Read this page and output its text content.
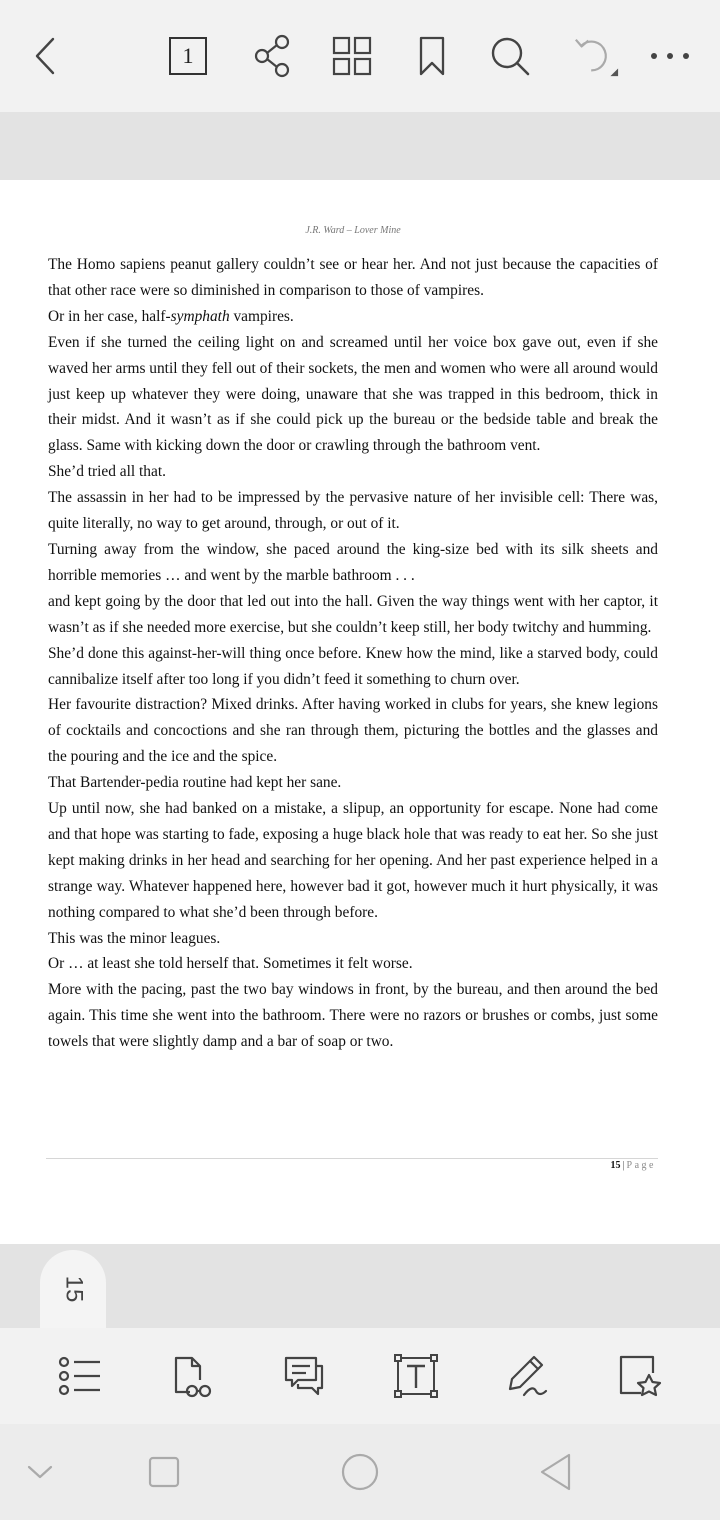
1
J.R. Ward – Lover Mine

The Homo sapiens peanut gallery couldn’t see or hear her. And not just because the capacities of that other race were so diminished in comparison to those of vampires.

Or in her case, half-symphath vampires.

Even if she turned the ceiling light on and screamed until her voice box gave out, even if she waved her arms until they fell out of their sockets, the men and women who were all around would just keep up whatever they were doing, unaware that she was trapped in this bedroom, thick in their midst. And it wasn’t as if she could pick up the bureau or the bedside table and break the glass. Same with kicking down the door or crawling through the bathroom vent.

She’d tried all that.

The assassin in her had to be impressed by the pervasive nature of her invisible cell: There was, quite literally, no way to get around, through, or out of it.

Turning away from the window, she paced around the king-size bed with its silk sheets and horrible memories … and went by the marble bathroom . . .

and kept going by the door that led out into the hall. Given the way things went with her captor, it wasn’t as if she needed more exercise, but she couldn’t keep still, her body twitchy and humming.

She’d done this against-her-will thing once before. Knew how the mind, like a starved body, could cannibalize itself after too long if you didn’t feed it something to churn over.

Her favourite distraction? Mixed drinks. After having worked in clubs for years, she knew legions of cocktails and concoctions and she ran through them, picturing the bottles and the glasses and the pouring and the ice and the spice.

That Bartender-pedia routine had kept her sane.

Up until now, she had banked on a mistake, a slipup, an opportunity for escape. None had come and that hope was starting to fade, exposing a huge black hole that was ready to eat her. So she just kept making drinks in her head and searching for her opening. And her past experience helped in a strange way. Whatever happened here, however bad it got, however much it hurt physically, it was nothing compared to what she’d been through before.

This was the minor leagues.

Or … at least she told herself that. Sometimes it felt worse.

More with the pacing, past the two bay windows in front, by the bureau, and then around the bed again. This time she went into the bathroom. There were no razors or brushes or combs, just some towels that were slightly damp and a bar of soap or two.

15 | Page
15
